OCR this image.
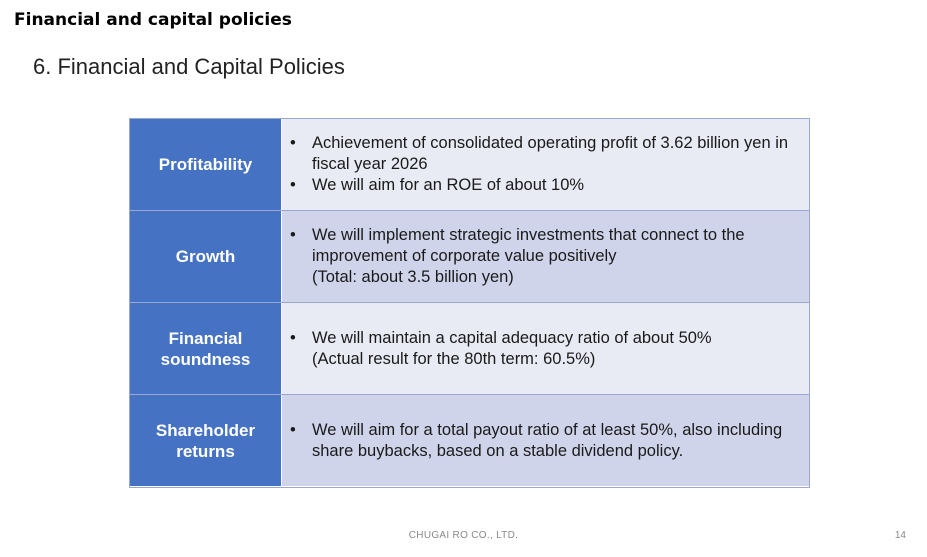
Financial and capital policies
6. Financial and Capital Policies
Profitability
• Achievement of consolidated operating profit of 3.62 billion yen in fiscal year 2026
• We will aim for an ROE of about 10%
Growth
• We will implement strategic investments that connect to the improvement of corporate value positively
(Total: about 3.5 billion yen)
Financial soundness
• We will maintain a capital adequacy ratio of about 50%
(Actual result for the 80th term: 60.5%)
Shareholder returns
• We will aim for a total payout ratio of at least 50%, also including share buybacks, based on a stable dividend policy.
CHUGAI RO CO., LTD.	14
